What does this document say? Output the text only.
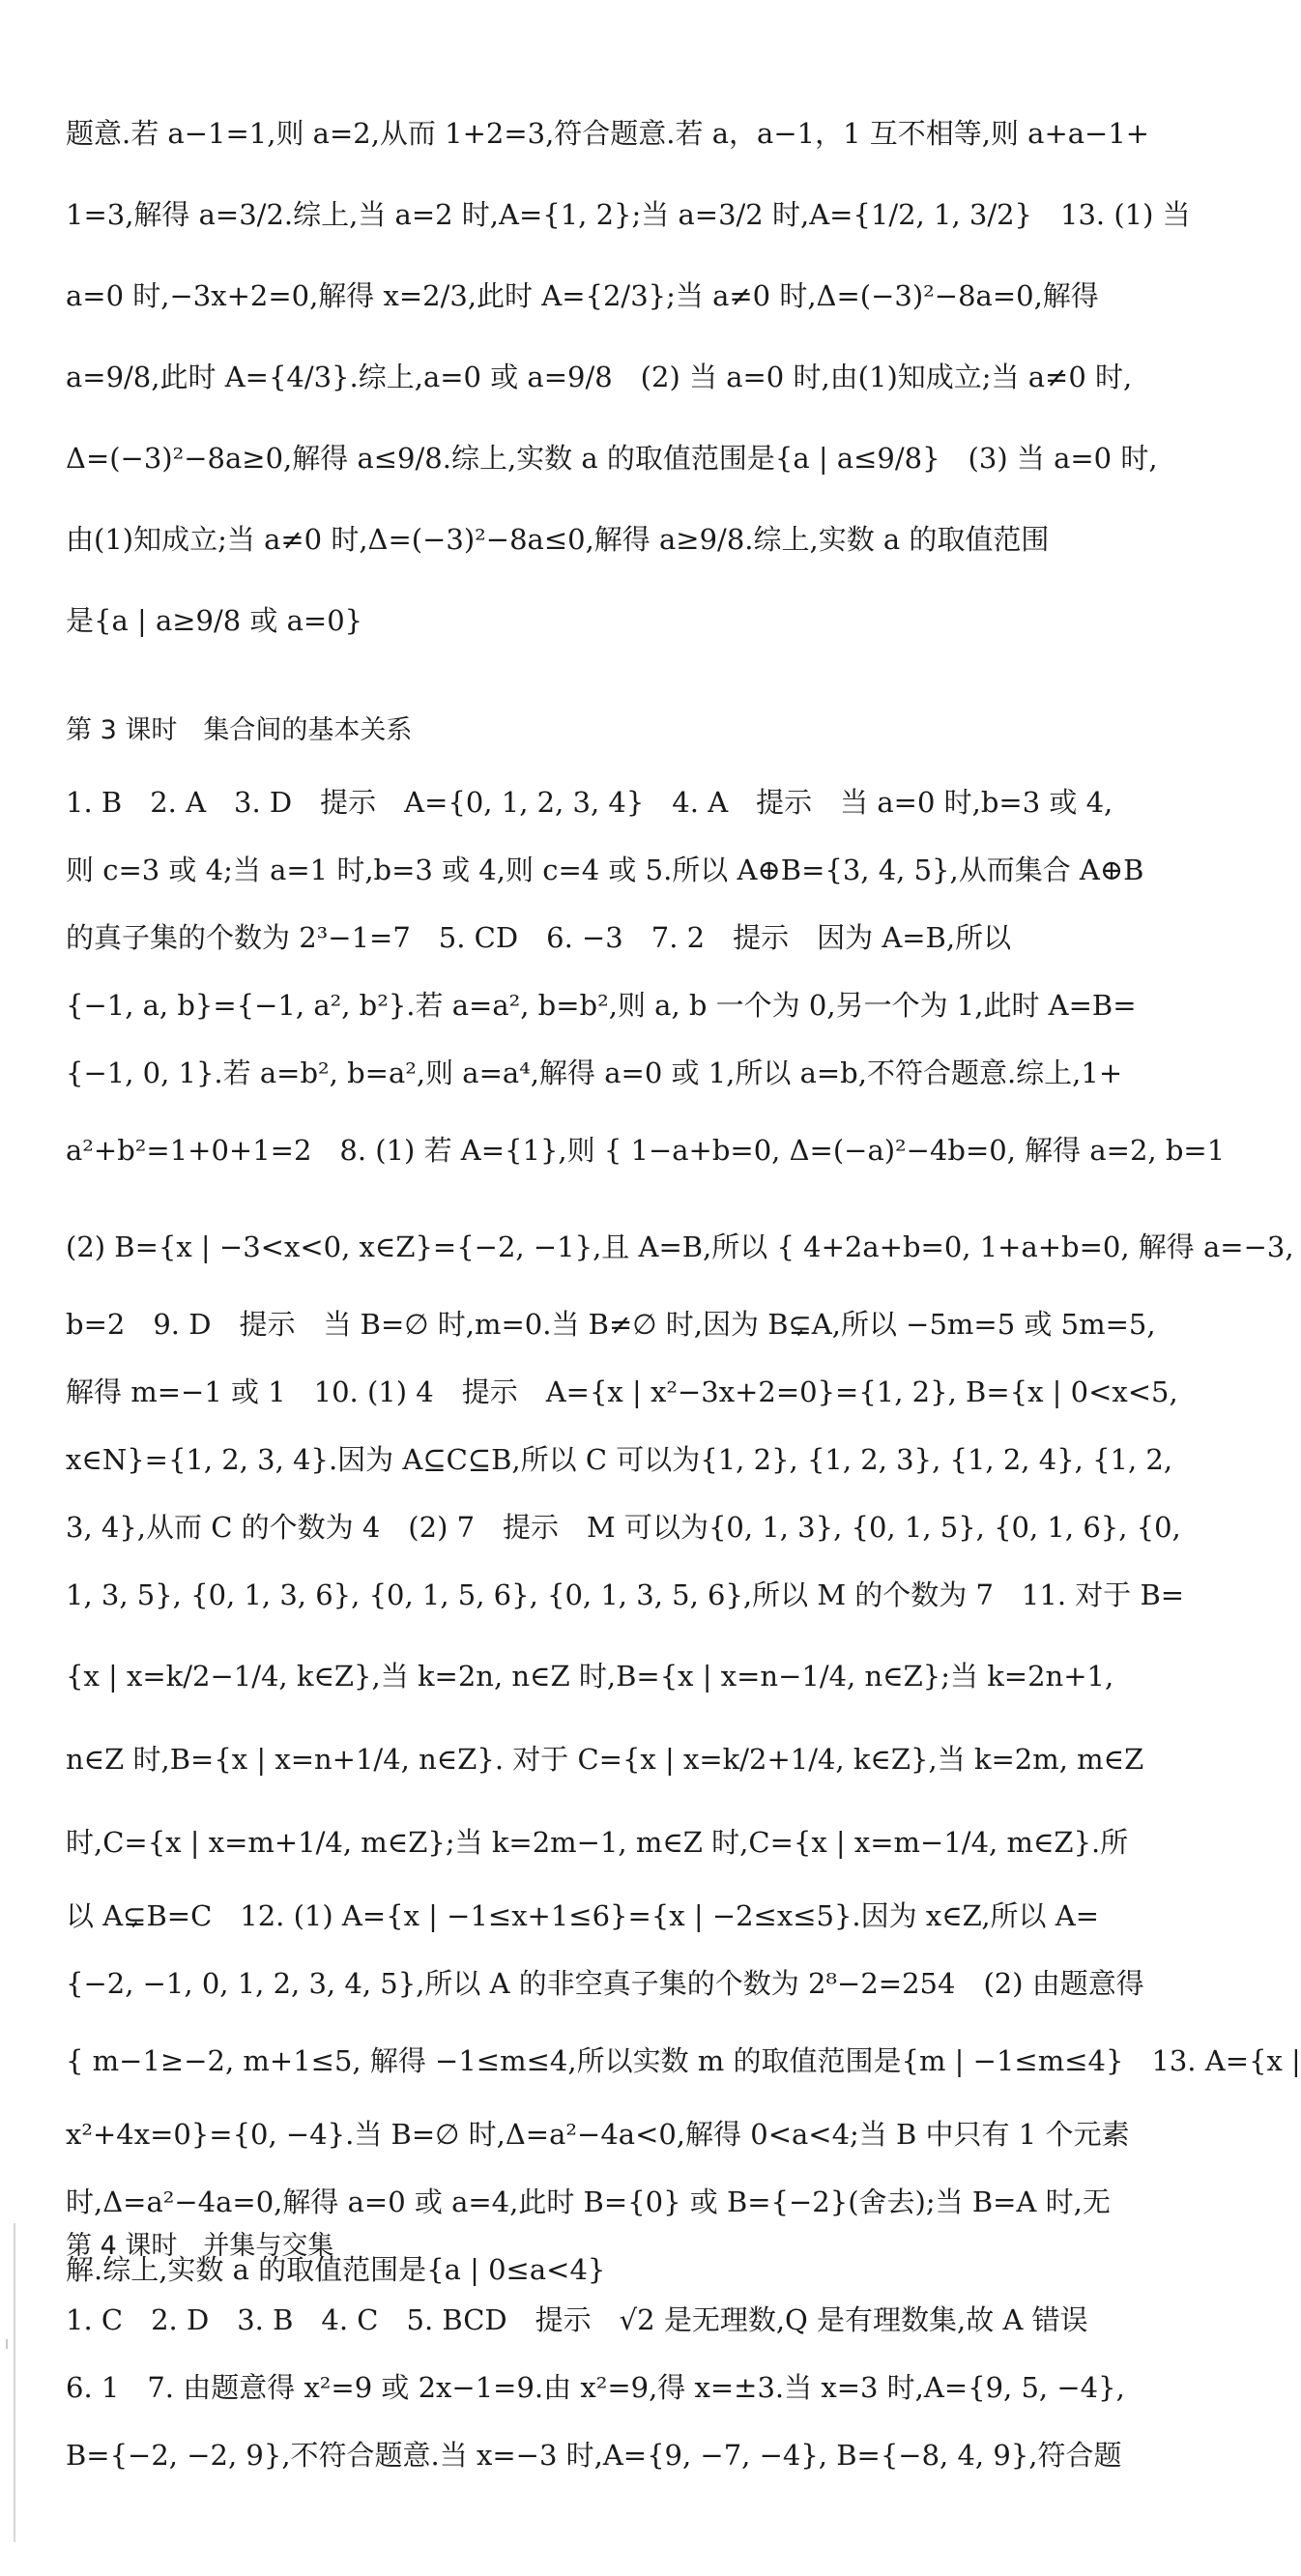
题意.若 a−1=1,则 a=2,从而 1+2=3,符合题意.若 a，a−1，1 互不相等,则 a+a−1+
1=3,解得 a=3/2.综上,当 a=2 时,A={1, 2};当 a=3/2 时,A={1/2, 1, 3/2}　13. (1) 当
a=0 时,−3x+2=0,解得 x=2/3,此时 A={2/3};当 a≠0 时,Δ=(−3)²−8a=0,解得
a=9/8,此时 A={4/3}.综上,a=0 或 a=9/8　(2) 当 a=0 时,由(1)知成立;当 a≠0 时,
Δ=(−3)²−8a≥0,解得 a≤9/8.综上,实数 a 的取值范围是{a | a≤9/8}　(3) 当 a=0 时,
由(1)知成立;当 a≠0 时,Δ=(−3)²−8a≤0,解得 a≥9/8.综上,实数 a 的取值范围
是{a | a≥9/8 或 a=0}
第 3 课时　集合间的基本关系
1. B　2. A　3. D　提示　A={0, 1, 2, 3, 4}　4. A　提示　当 a=0 时,b=3 或 4,
则 c=3 或 4;当 a=1 时,b=3 或 4,则 c=4 或 5.所以 A⊕B={3, 4, 5},从而集合 A⊕B
的真子集的个数为 2³−1=7　5. CD　6. −3　7. 2　提示　因为 A=B,所以
{−1, a, b}={−1, a², b²}.若 a=a², b=b²,则 a, b 一个为 0,另一个为 1,此时 A=B=
{−1, 0, 1}.若 a=b², b=a²,则 a=a⁴,解得 a=0 或 1,所以 a=b,不符合题意.综上,1+
a²+b²=1+0+1=2　8. (1) 若 A={1},则 { 1−a+b=0, Δ=(−a)²−4b=0, 解得 a=2, b=1
(2) B={x | −3<x<0, x∈Z}={−2, −1},且 A=B,所以 { 4+2a+b=0, 1+a+b=0, 解得 a=−3,
b=2　9. D　提示　当 B=∅ 时,m=0.当 B≠∅ 时,因为 B⊊A,所以 −5m=5 或 5m=5,
解得 m=−1 或 1　10. (1) 4　提示　A={x | x²−3x+2=0}={1, 2}, B={x | 0<x<5,
x∈N}={1, 2, 3, 4}.因为 A⊆C⊆B,所以 C 可以为{1, 2}, {1, 2, 3}, {1, 2, 4}, {1, 2,
3, 4},从而 C 的个数为 4　(2) 7　提示　M 可以为{0, 1, 3}, {0, 1, 5}, {0, 1, 6}, {0,
1, 3, 5}, {0, 1, 3, 6}, {0, 1, 5, 6}, {0, 1, 3, 5, 6},所以 M 的个数为 7　11. 对于 B=
{x | x=k/2−1/4, k∈Z},当 k=2n, n∈Z 时,B={x | x=n−1/4, n∈Z};当 k=2n+1,
n∈Z 时,B={x | x=n+1/4, n∈Z}. 对于 C={x | x=k/2+1/4, k∈Z},当 k=2m, m∈Z
时,C={x | x=m+1/4, m∈Z};当 k=2m−1, m∈Z 时,C={x | x=m−1/4, m∈Z}.所
以 A⊊B=C　12. (1) A={x | −1≤x+1≤6}={x | −2≤x≤5}.因为 x∈Z,所以 A=
{−2, −1, 0, 1, 2, 3, 4, 5},所以 A 的非空真子集的个数为 2⁸−2=254　(2) 由题意得
{ m−1≥−2, m+1≤5, 解得 −1≤m≤4,所以实数 m 的取值范围是{m | −1≤m≤4}　13. A={x |
x²+4x=0}={0, −4}.当 B=∅ 时,Δ=a²−4a<0,解得 0<a<4;当 B 中只有 1 个元素
时,Δ=a²−4a=0,解得 a=0 或 a=4,此时 B={0} 或 B={−2}(舍去);当 B=A 时,无
解.综上,实数 a 的取值范围是{a | 0≤a<4}
第 4 课时　并集与交集
1. C　2. D　3. B　4. C　5. BCD　提示　√2 是无理数,Q 是有理数集,故 A 错误
6. 1　7. 由题意得 x²=9 或 2x−1=9.由 x²=9,得 x=±3.当 x=3 时,A={9, 5, −4},
B={−2, −2, 9},不符合题意.当 x=−3 时,A={9, −7, −4}, B={−8, 4, 9},符合题
